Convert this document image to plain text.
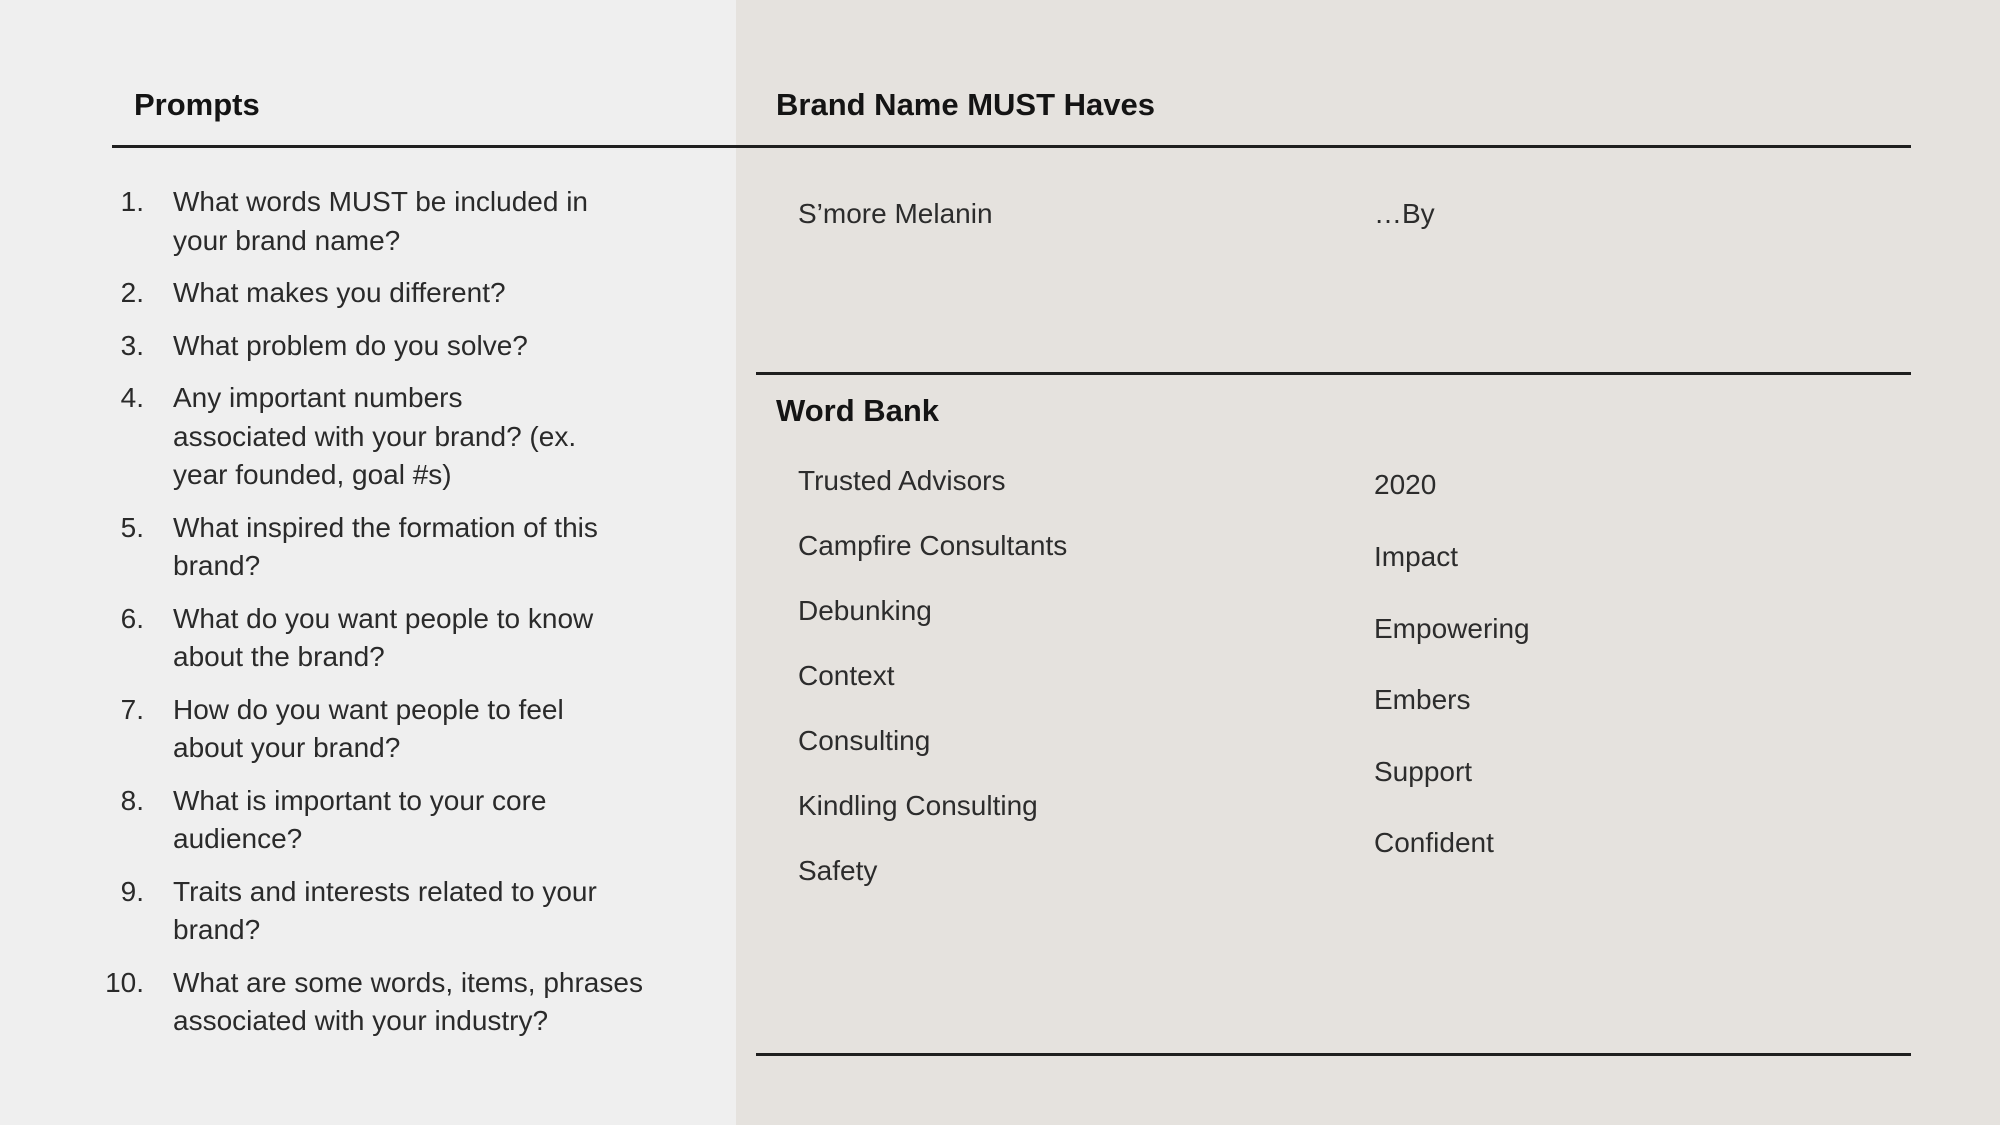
Prompts
1. What words MUST be included in your brand name?
2. What makes you different?
3. What problem do you solve?
4. Any important numbers associated with your brand? (ex. year founded, goal #s)
5. What inspired the formation of this brand?
6. What do you want people to know about the brand?
7. How do you want people to feel about your brand?
8. What is important to your core audience?
9. Traits and interests related to your brand?
10. What are some words, items, phrases associated with your industry?
Brand Name MUST Haves
S’more Melanin	…By
Word Bank
Trusted Advisors
Campfire Consultants
Debunking
Context
Consulting
Kindling Consulting
Safety
2020
Impact
Empowering
Embers
Support
Confident
